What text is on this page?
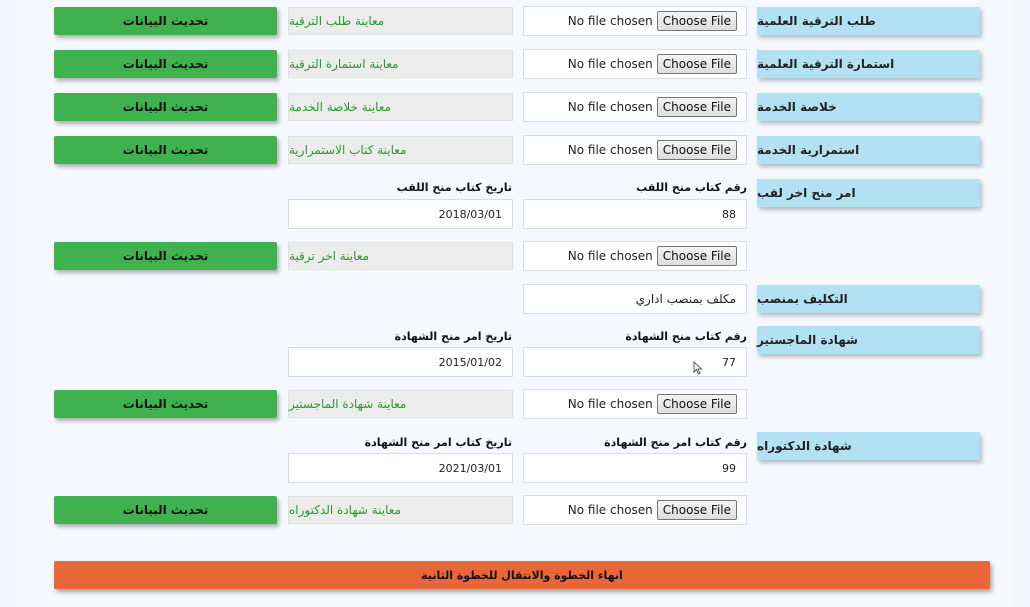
طلب الترقية العلمية
No file chosen Choose File
معاينة طلب الترقية
تحديث البيانات
استمارة الترقية العلمية
No file chosen Choose File
معاينة استمارة الترقية
تحديث البيانات
خلاصة الخدمة
No file chosen Choose File
معاينة خلاصة الخدمة
تحديث البيانات
استمرارية الخدمة
No file chosen Choose File
معاينة كتاب الاستمرارية
تحديث البيانات
امر منح اخر لقب
رقم كتاب منح اللقب
تاريخ كتاب منح اللقب
88
2018/03/01
No file chosen Choose File
معاينة اخر ترقية
تحديث البيانات
التكليف بمنصب
مكلف بمنصب اداري
شهادة الماجستير
رقم كتاب منح الشهادة
تاريخ امر منح الشهادة
77
2015/01/02
No file chosen Choose File
معاينة شهادة الماجستير
تحديث البيانات
شهادة الدكتوراه
رقم كتاب امر منح الشهادة
تاريخ كتاب امر منح الشهادة
99
2021/03/01
No file chosen Choose File
معاينة شهادة الدكتوراه
تحديث البيانات
انهاء الخطوة والانتقال للخطوة الثانية
